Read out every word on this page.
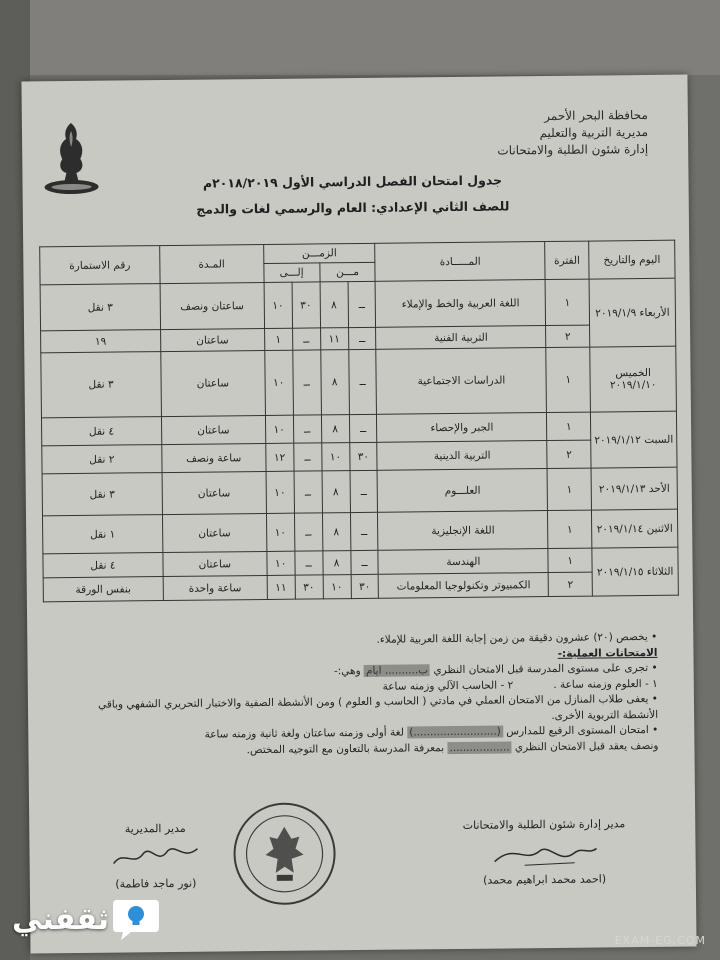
محافظة البحر الأحمر
مديرية التربية والتعليم
إدارة شئون الطلبة والامتحانات
جدول امتحان الفصل الدراسي الأول ٢٠١٨/٢٠١٩م
للصف الثاني الإعدادي: العام والرسمي لغات والدمج
اليوم والتاريخ	الفترة	المـــــادة	الزمـــن				المـدة	رقم الاستمارة
			مـــن		إلـــى			
الأربعاء ٢٠١٩/١/٩	١	اللغة العربية والخط والإملاء	ــ	٨	٣٠	١٠	ساعتان ونصف	٣ نقل
	٢	التربية الفنية	ــ	١١	ــ	١	ساعتان	١٩
الخميس ٢٠١٩/١/١٠	١	الدراسات الاجتماعية	ــ	٨	ــ	١٠	ساعتان	٣ نقل
السبت ٢٠١٩/١/١٢	١	الجبر والإحصاء	ــ	٨	ــ	١٠	ساعتان	٤ نقل
	٢	التربية الدينية	٣٠	١٠	ــ	١٢	ساعة ونصف	٢ نقل
الأحد ٢٠١٩/١/١٣	١	العلـــوم	ــ	٨	ــ	١٠	ساعتان	٣ نقل
الاثنين ٢٠١٩/١/١٤	١	اللغة الإنجليزية	ــ	٨	ــ	١٠	ساعتان	١ نقل
الثلاثاء ٢٠١٩/١/١٥	١	الهندسة	ــ	٨	ــ	١٠	ساعتان	٤ نقل
	٢	الكمبيوتر وتكنولوجيا المعلومات	٣٠	١٠	٣٠	١١	ساعة واحدة	بنفس الورقة

• يخصص (٢٠) عشرون دقيقة من زمن إجابة اللغة العربية للإملاء.

الامتحانات العملية:-

• تجرى على مستوى المدرسة قبل الامتحان النظري ب.......... ايام وهي:-

١ - العلوم وزمنه ساعة .            ٢ - الحاسب الآلي وزمنه ساعة

• يعفى طلاب المنازل من الامتحان العملي في مادتي ( الحاسب و العلوم ) ومن الأنشطة الصفية والاختبار التحريري الشفهي وباقي الأنشطة التربوية الأخرى.

• امتحان المستوى الرفيع للمدارس (.........................) لغة أولى وزمنه ساعتان ولغة ثانية وزمنه ساعة

ونصف يعقد قبل الامتحان النظري .................. بمعرفة المدرسة بالتعاون مع التوجيه المختص.

مدير إدارة شئون الطلبة والامتحانات
(احمد محمد ابراهيم محمد)
مدير المديرية
(نور ماجد فاطمة)
EXAM-EG.COM
ثقفني
